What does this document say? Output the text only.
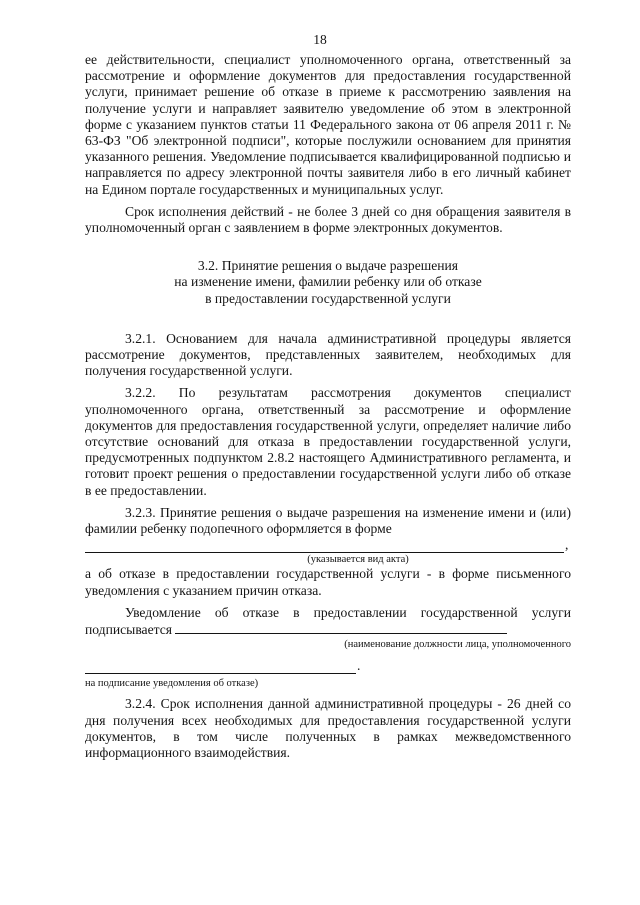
18

ее действительности, специалист уполномоченного органа, ответственный за рассмотрение и оформление документов для предоставления государственной услуги, принимает решение об отказе в приеме к рассмотрению заявления на получение услуги и направляет заявителю уведомление об этом в электронной форме с указанием пунктов статьи 11 Федерального закона от 06 апреля 2011 г. № 63-ФЗ "Об электронной подписи", которые послужили основанием для принятия указанного решения. Уведомление подписывается квалифицированной подписью и направляется по адресу электронной почты заявителя либо в его личный кабинет на Едином портале государственных и муниципальных услуг.

Срок исполнения действий - не более 3 дней со дня обращения заявителя в уполномоченный орган с заявлением в форме электронных документов.

3.2. Принятие решения о выдаче разрешения
на изменение имени, фамилии ребенку или об отказе
в предоставлении государственной услуги

3.2.1. Основанием для начала административной процедуры является рассмотрение документов, представленных заявителем, необходимых для получения государственной услуги.

3.2.2. По результатам рассмотрения документов специалист уполномоченного органа, ответственный за рассмотрение и оформление документов для предоставления государственной услуги, определяет наличие либо отсутствие оснований для отказа в предоставлении государственной услуги, предусмотренных подпунктом 2.8.2 настоящего Административного регламента, и готовит проект решения о предоставлении государственной услуги либо об отказе в ее предоставлении.

3.2.3. Принятие решения о выдаче разрешения на изменение имени и (или) фамилии ребенку подопечного оформляется в форме

,
(указывается вид акта)

а об отказе в предоставлении государственной услуги - в форме письменного уведомления с указанием причин отказа.

Уведомление об отказе в предоставлении государственной услуги подписывается

(наименование должности лица, уполномоченного
.
на подписание уведомления об отказе)

3.2.4. Срок исполнения данной административной процедуры - 26 дней со дня получения всех необходимых для предоставления государственной услуги документов, в том числе полученных в рамках межведомственного информационного взаимодействия.
